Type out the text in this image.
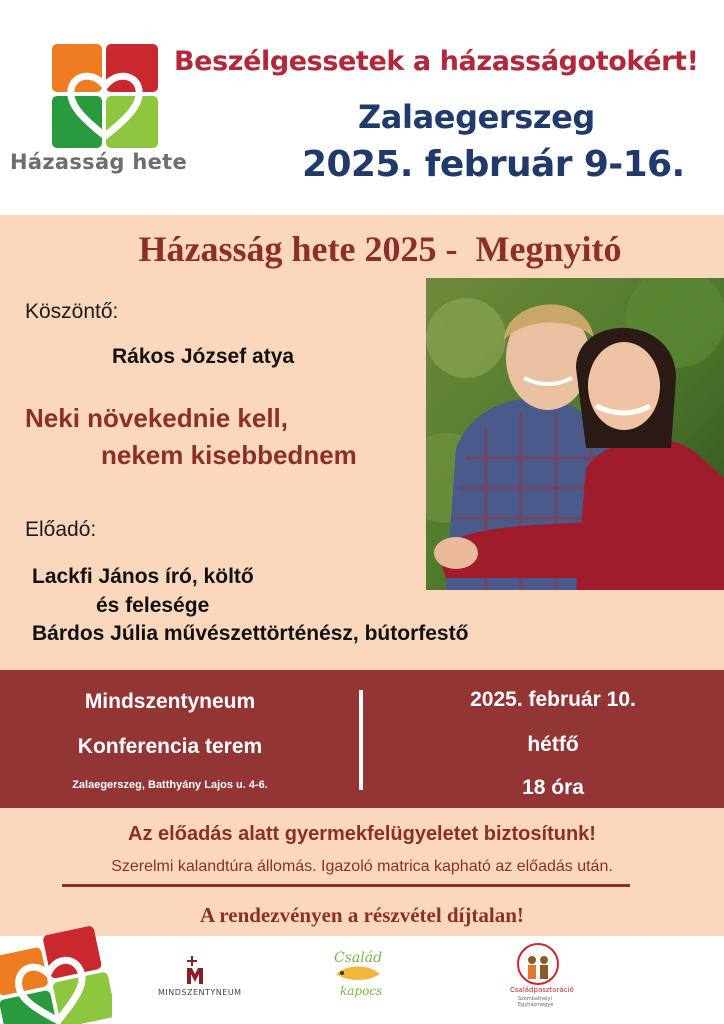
Házasság hete
Beszélgessetek a házasságotokért!
Zalaegerszeg
2025. február 9-16.
Házasság hete 2025 -  Megnyitó
Köszöntő:
Rákos József atya
Neki növekednie kell,
nekem kisebbednem
Előadó:
Lackfi János író, költő
és felesége
Bárdos Júlia művészettörténész, bútorfestő
Mindszentyneum
Konferencia terem
Zalaegerszeg, Batthyány Lajos u. 4-6.
2025. február 10.
hétfő
18 óra
Az előadás alatt gyermekfelügyeletet biztosítunk!
Szerelmi kalandtúra állomás. Igazoló matrica kapható az előadás után.
A rendezvényen a részvétel díjtalan!
MINDSZENTYNEUM
Család
kapocs	Családpasztoráció
Szombathelyi
Egyházmegye
